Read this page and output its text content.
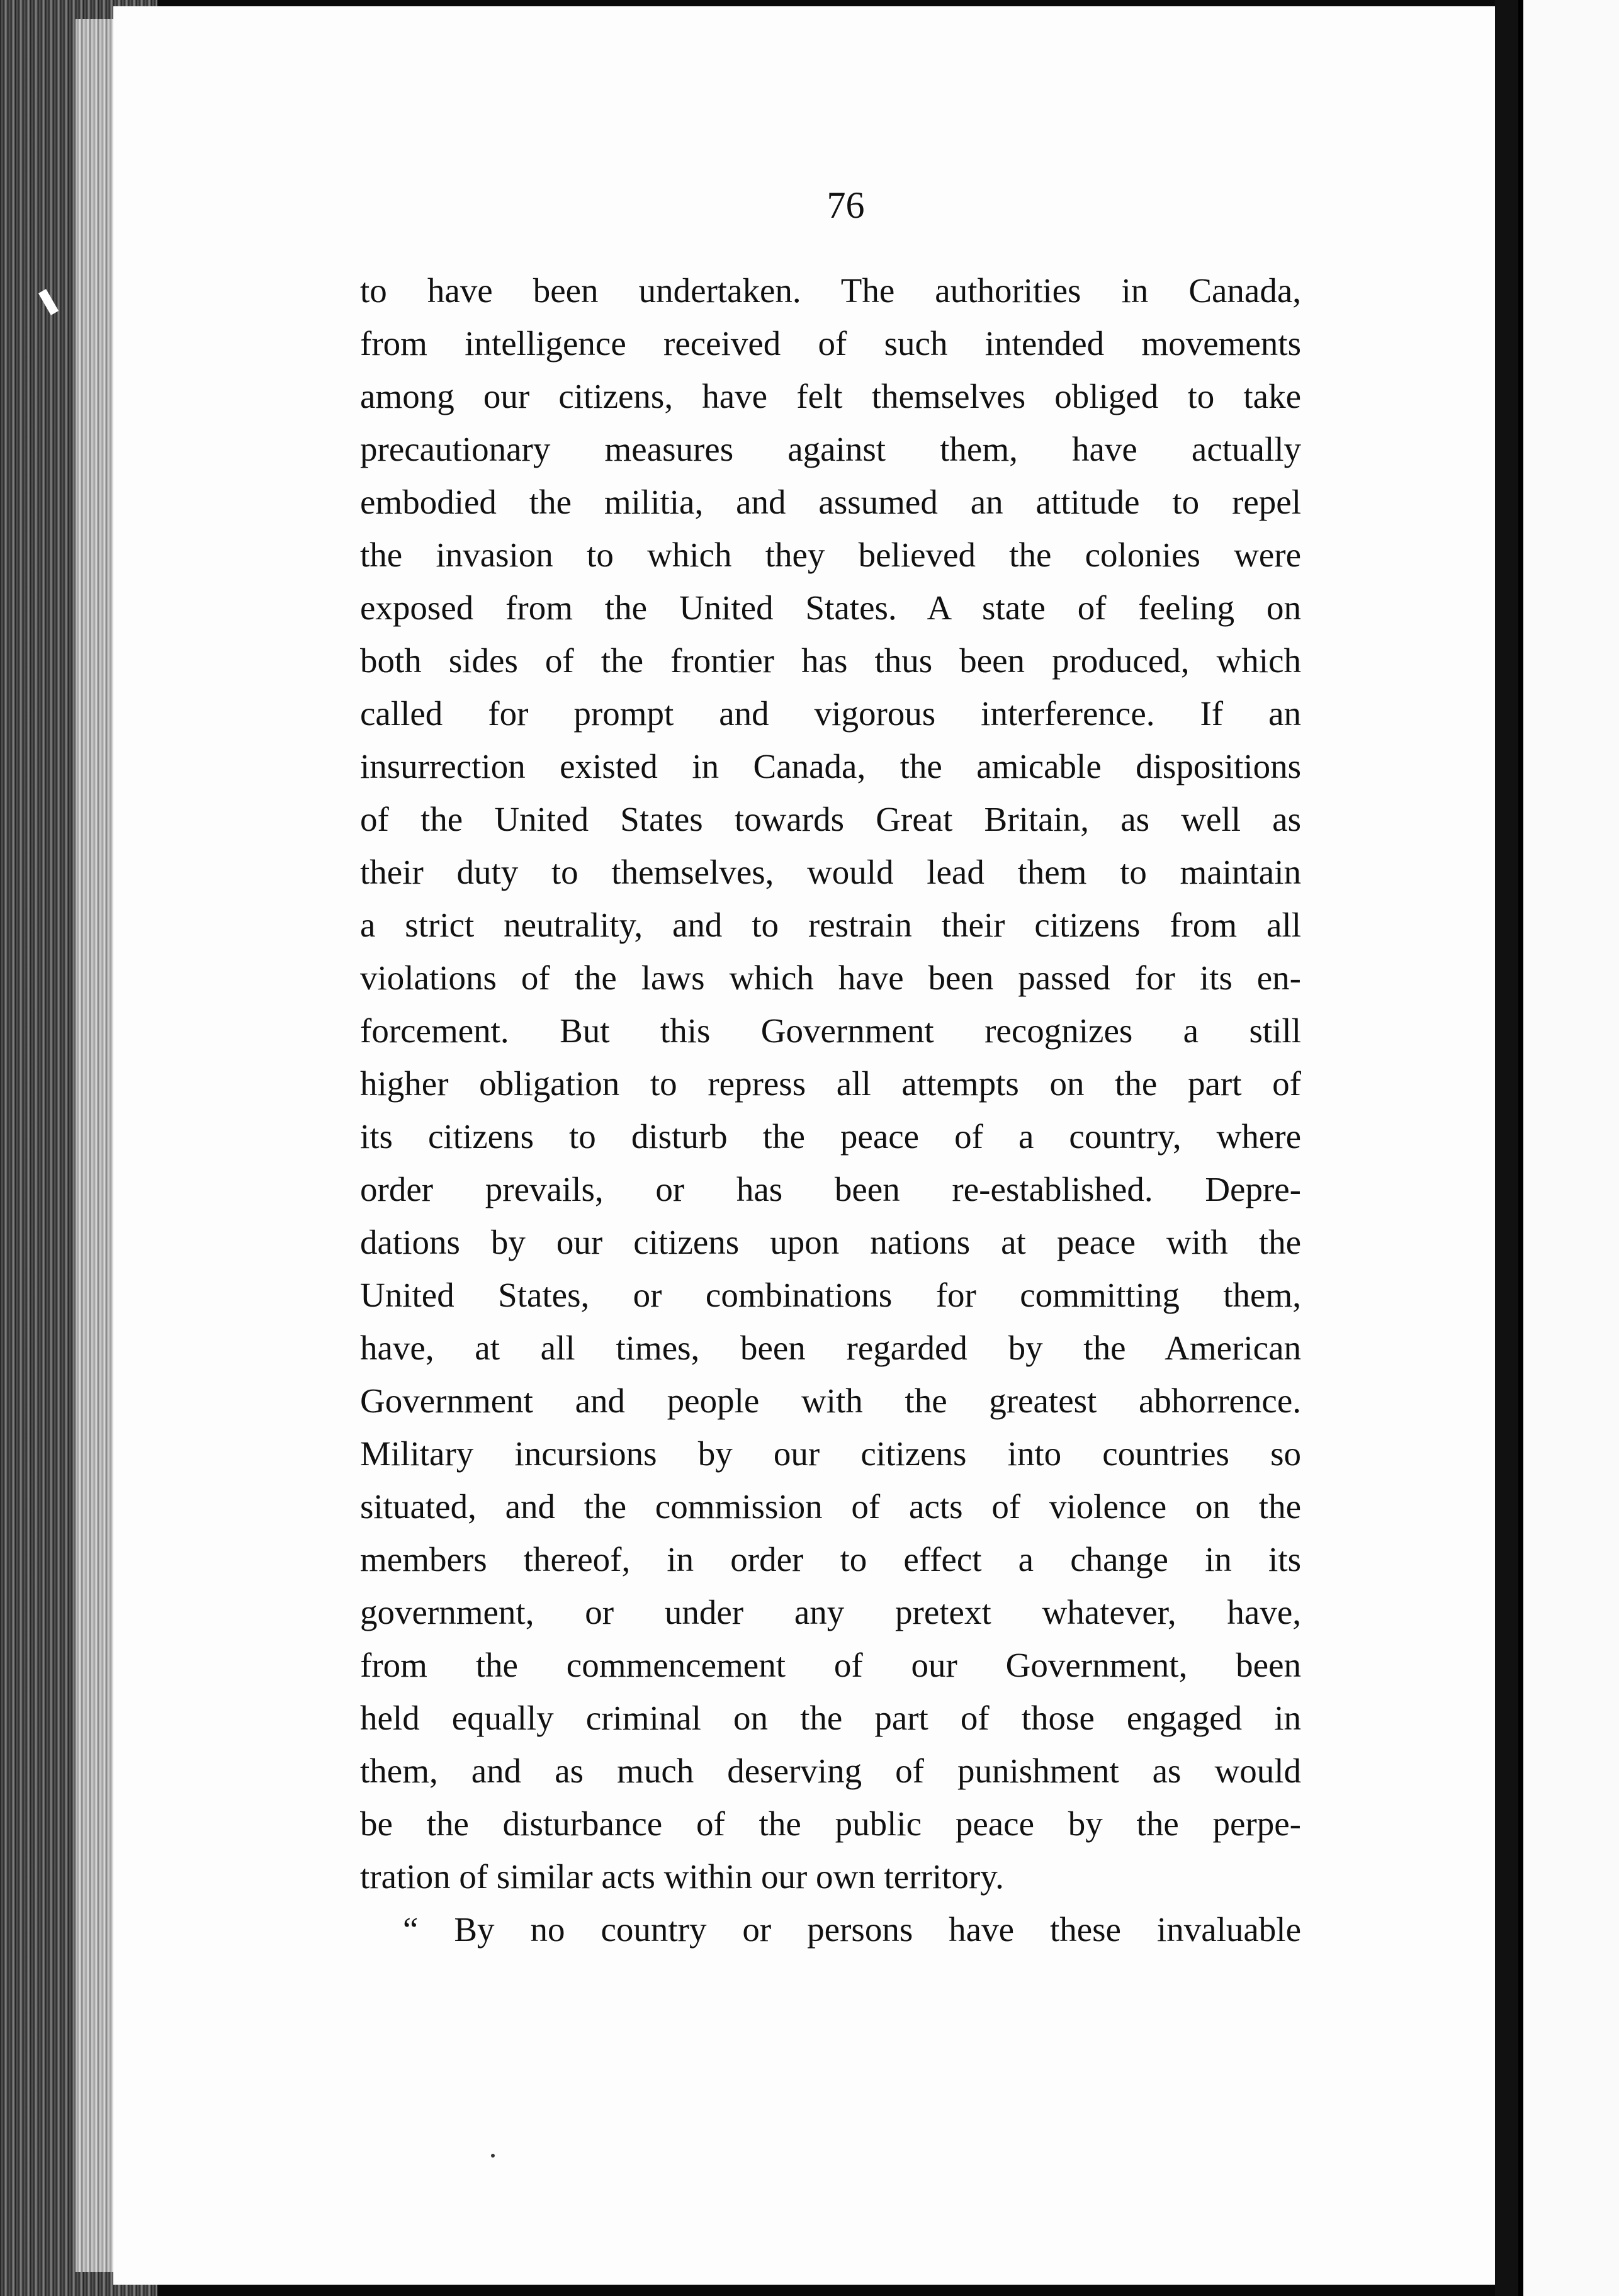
76
to have been undertaken. The authorities in Canada,
from intelligence received of such intended movements
among our citizens, have felt themselves obliged to take
precautionary measures against them, have actually
embodied the militia, and assumed an attitude to repel
the invasion to which they believed the colonies were
exposed from the United States. A state of feeling on
both sides of the frontier has thus been produced, which
called for prompt and vigorous interference. If an
insurrection existed in Canada, the amicable dispositions
of the United States towards Great Britain, as well as
their duty to themselves, would lead them to maintain
a strict neutrality, and to restrain their citizens from all
violations of the laws which have been passed for its en-
forcement. But this Government recognizes a still
higher obligation to repress all attempts on the part of
its citizens to disturb the peace of a country, where
order prevails, or has been re-established. Depre-
dations by our citizens upon nations at peace with the
United States, or combinations for committing them,
have, at all times, been regarded by the American
Government and people with the greatest abhorrence.
Military incursions by our citizens into countries so
situated, and the commission of acts of violence on the
members thereof, in order to effect a change in its
government, or under any pretext whatever, have,
from the commencement of our Government, been
held equally criminal on the part of those engaged in
them, and as much deserving of punishment as would
be the disturbance of the public peace by the perpe-
tration of similar acts within our own territory.
“ By no country or persons have these invaluable
